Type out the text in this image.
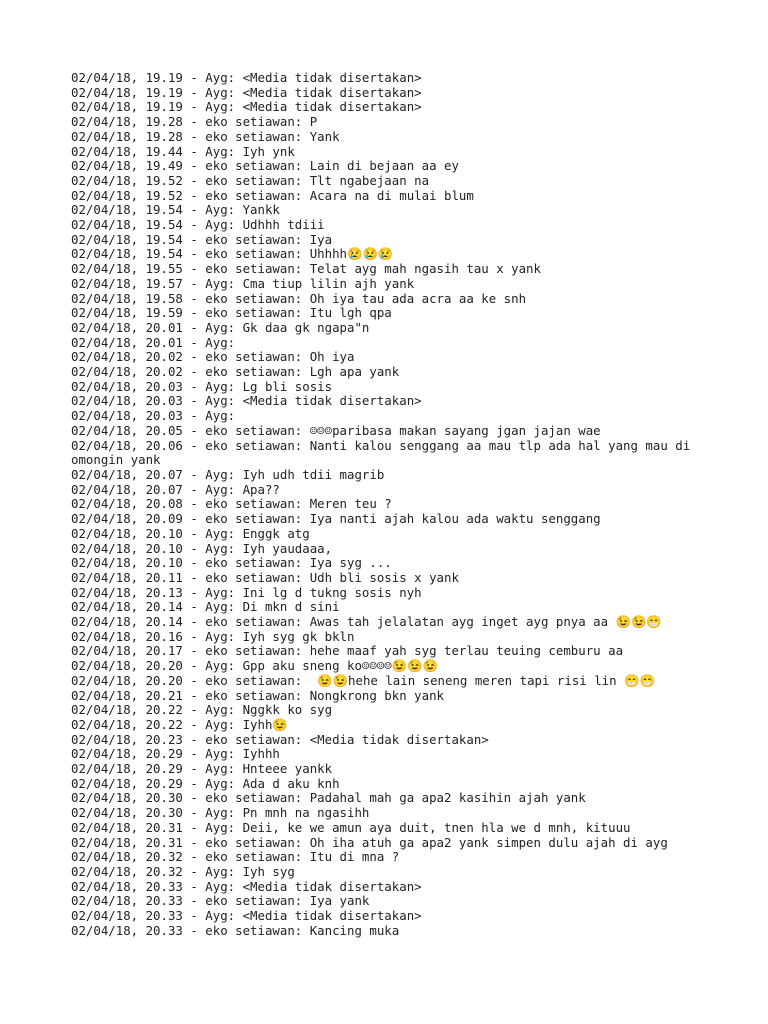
02/04/18, 19.19 - Ayg: <Media tidak disertakan>
02/04/18, 19.19 - Ayg: <Media tidak disertakan>
02/04/18, 19.19 - Ayg: <Media tidak disertakan>
02/04/18, 19.28 - eko setiawan: P
02/04/18, 19.28 - eko setiawan: Yank
02/04/18, 19.44 - Ayg: Iyh ynk
02/04/18, 19.49 - eko setiawan: Lain di bejaan aa ey
02/04/18, 19.52 - eko setiawan: Tlt ngabejaan na
02/04/18, 19.52 - eko setiawan: Acara na di mulai blum
02/04/18, 19.54 - Ayg: Yankk
02/04/18, 19.54 - Ayg: Udhhh tdiii
02/04/18, 19.54 - eko setiawan: Iya
02/04/18, 19.54 - eko setiawan: Uhhhh😢😢😢
02/04/18, 19.55 - eko setiawan: Telat ayg mah ngasih tau x yank
02/04/18, 19.57 - Ayg: Cma tiup lilin ajh yank
02/04/18, 19.58 - eko setiawan: Oh iya tau ada acra aa ke snh
02/04/18, 19.59 - eko setiawan: Itu lgh qpa
02/04/18, 20.01 - Ayg: Gk daa gk ngapa"n
02/04/18, 20.01 - Ayg:
02/04/18, 20.02 - eko setiawan: Oh iya
02/04/18, 20.02 - eko setiawan: Lgh apa yank
02/04/18, 20.03 - Ayg: Lg bli sosis
02/04/18, 20.03 - Ayg: <Media tidak disertakan>
02/04/18, 20.03 - Ayg:
02/04/18, 20.05 - eko setiawan: ☺☺☺paribasa makan sayang jgan jajan wae
02/04/18, 20.06 - eko setiawan: Nanti kalou senggang aa mau tlp ada hal yang mau di omongin yank
02/04/18, 20.07 - Ayg: Iyh udh tdii magrib
02/04/18, 20.07 - Ayg: Apa??
02/04/18, 20.08 - eko setiawan: Meren teu ?
02/04/18, 20.09 - eko setiawan: Iya nanti ajah kalou ada waktu senggang
02/04/18, 20.10 - Ayg: Enggk atg
02/04/18, 20.10 - Ayg: Iyh yaudaaa,
02/04/18, 20.10 - eko setiawan: Iya syg ...
02/04/18, 20.11 - eko setiawan: Udh bli sosis x yank
02/04/18, 20.13 - Ayg: Ini lg d tukng sosis nyh
02/04/18, 20.14 - Ayg: Di mkn d sini
02/04/18, 20.14 - eko setiawan: Awas tah jelalatan ayg inget ayg pnya aa 😉😉😁
02/04/18, 20.16 - Ayg: Iyh syg gk bkln
02/04/18, 20.17 - eko setiawan: hehe maaf yah syg terlau teuing cemburu aa
02/04/18, 20.20 - Ayg: Gpp aku sneng ko☺☺☺☺😉😉😉
02/04/18, 20.20 - eko setiawan:  😉😉hehe lain seneng meren tapi risi lin 😁😁
02/04/18, 20.21 - eko setiawan: Nongkrong bkn yank
02/04/18, 20.22 - Ayg: Nggkk ko syg
02/04/18, 20.22 - Ayg: Iyhh😉
02/04/18, 20.23 - eko setiawan: <Media tidak disertakan>
02/04/18, 20.29 - Ayg: Iyhhh
02/04/18, 20.29 - Ayg: Hnteee yankk
02/04/18, 20.29 - Ayg: Ada d aku knh
02/04/18, 20.30 - eko setiawan: Padahal mah ga apa2 kasihin ajah yank
02/04/18, 20.30 - Ayg: Pn mnh na ngasihh
02/04/18, 20.31 - Ayg: Deii, ke we amun aya duit, tnen hla we d mnh, kituuu
02/04/18, 20.31 - eko setiawan: Oh iha atuh ga apa2 yank simpen dulu ajah di ayg
02/04/18, 20.32 - eko setiawan: Itu di mna ?
02/04/18, 20.32 - Ayg: Iyh syg
02/04/18, 20.33 - Ayg: <Media tidak disertakan>
02/04/18, 20.33 - eko setiawan: Iya yank
02/04/18, 20.33 - Ayg: <Media tidak disertakan>
02/04/18, 20.33 - eko setiawan: Kancing muka
